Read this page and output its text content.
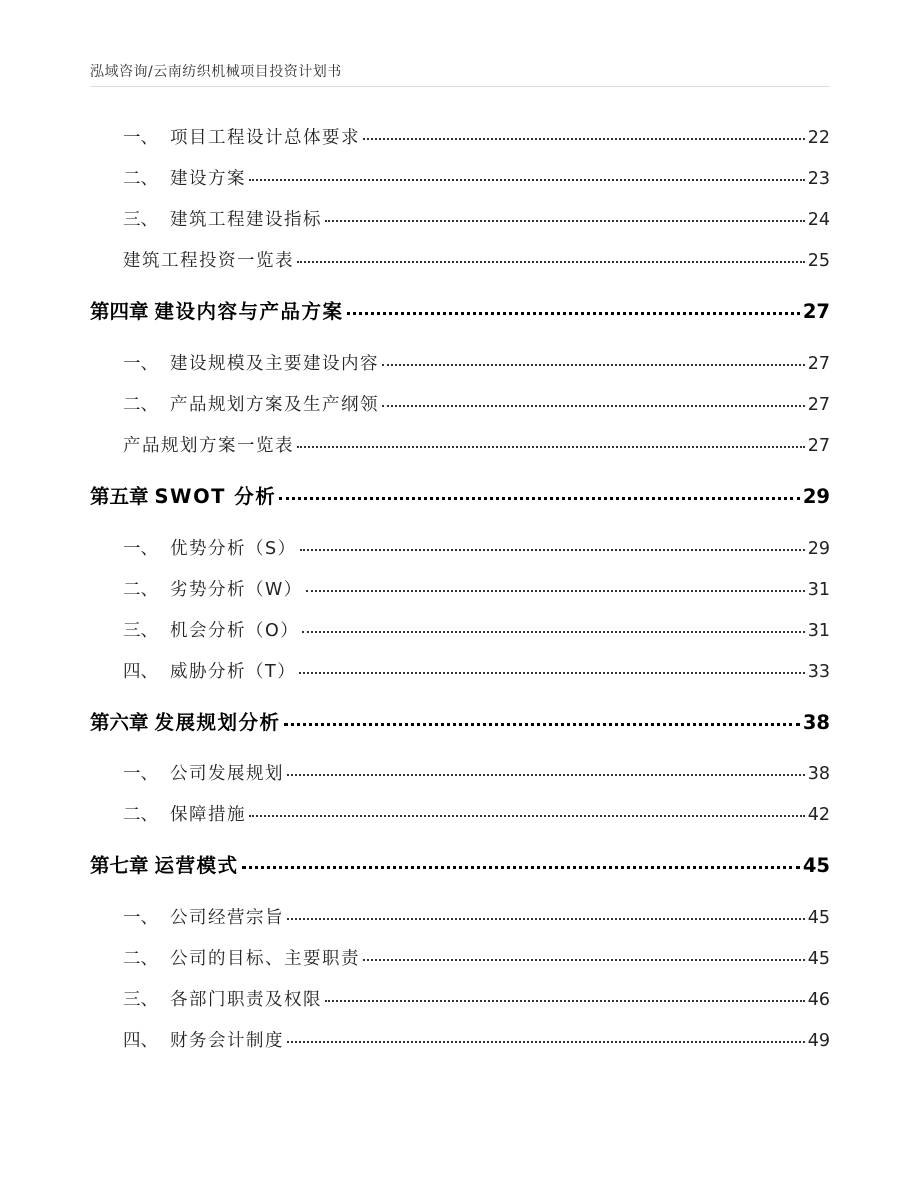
泓域咨询/云南纺织机械项目投资计划书
一、 项目工程设计总体要求	22
二、 建设方案	23
三、 建筑工程建设指标	24
建筑工程投资一览表	25
第四章 建设内容与产品方案	27
一、 建设规模及主要建设内容	27
二、 产品规划方案及生产纲领	27
产品规划方案一览表	27
第五章 SWOT 分析	29
一、 优势分析（S）	29
二、 劣势分析（W）	31
三、 机会分析（O）	31
四、 威胁分析（T）	33
第六章 发展规划分析	38
一、 公司发展规划	38
二、 保障措施	42
第七章 运营模式	45
一、 公司经营宗旨	45
二、 公司的目标、主要职责	45
三、 各部门职责及权限	46
四、 财务会计制度	49
